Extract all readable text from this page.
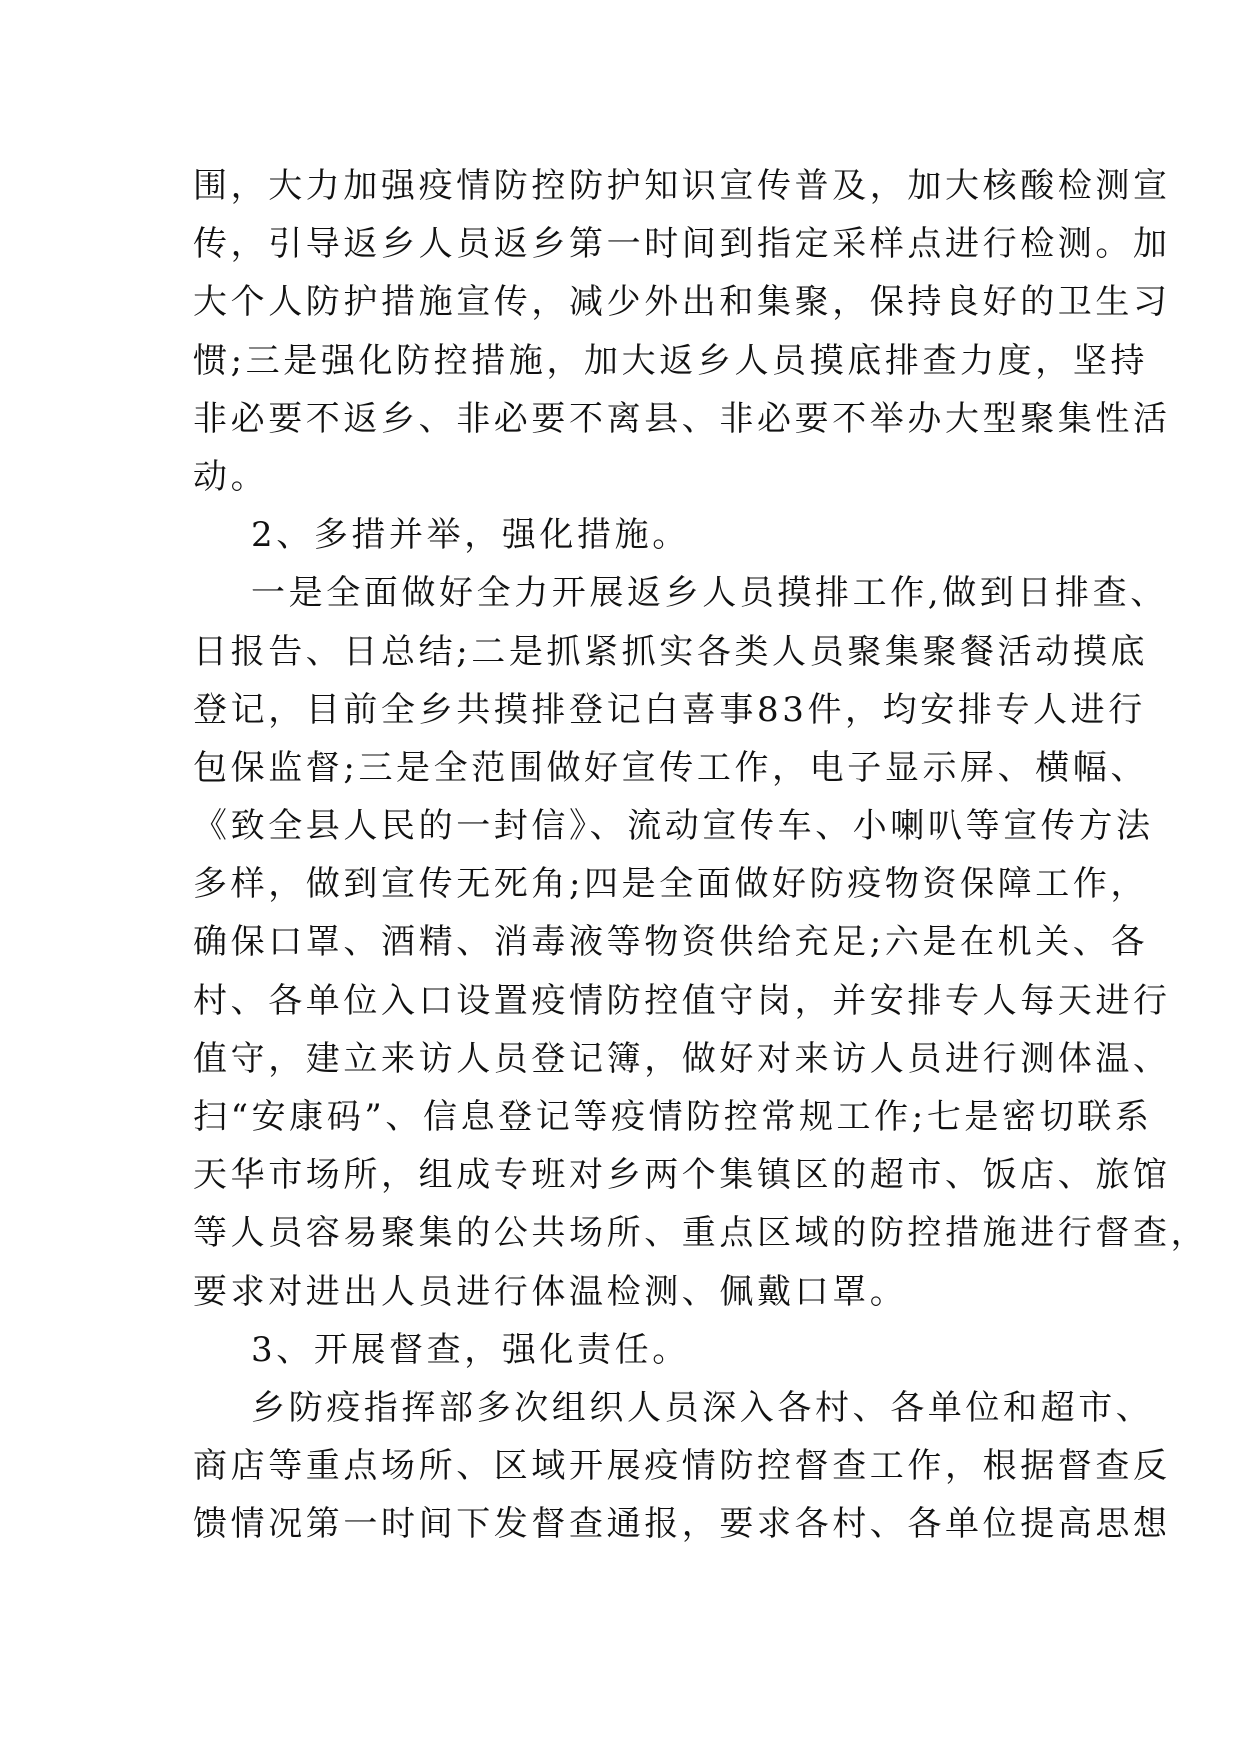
围，大力加强疫情防控防护知识宣传普及，加大核酸检测宣
传，引导返乡人员返乡第一时间到指定采样点进行检测。加
大个人防护措施宣传，减少外出和集聚，保持良好的卫生习
惯;三是强化防控措施，加大返乡人员摸底排查力度，坚持
非必要不返乡、非必要不离县、非必要不举办大型聚集性活
动。
2、多措并举，强化措施。
一是全面做好全力开展返乡人员摸排工作,做到日排查、
日报告、日总结;二是抓紧抓实各类人员聚集聚餐活动摸底
登记，目前全乡共摸排登记白喜事83件，均安排专人进行
包保监督;三是全范围做好宣传工作，电子显示屏、横幅、
《致全县人民的一封信》、流动宣传车、小喇叭等宣传方法
多样，做到宣传无死角;四是全面做好防疫物资保障工作，
确保口罩、酒精、消毒液等物资供给充足;六是在机关、各
村、各单位入口设置疫情防控值守岗，并安排专人每天进行
值守，建立来访人员登记簿，做好对来访人员进行测体温、
扫“安康码”、信息登记等疫情防控常规工作;七是密切联系
天华市场所，组成专班对乡两个集镇区的超市、饭店、旅馆
等人员容易聚集的公共场所、重点区域的防控措施进行督查，
要求对进出人员进行体温检测、佩戴口罩。
3、开展督查，强化责任。
乡防疫指挥部多次组织人员深入各村、各单位和超市、
商店等重点场所、区域开展疫情防控督查工作，根据督查反
馈情况第一时间下发督查通报，要求各村、各单位提高思想
